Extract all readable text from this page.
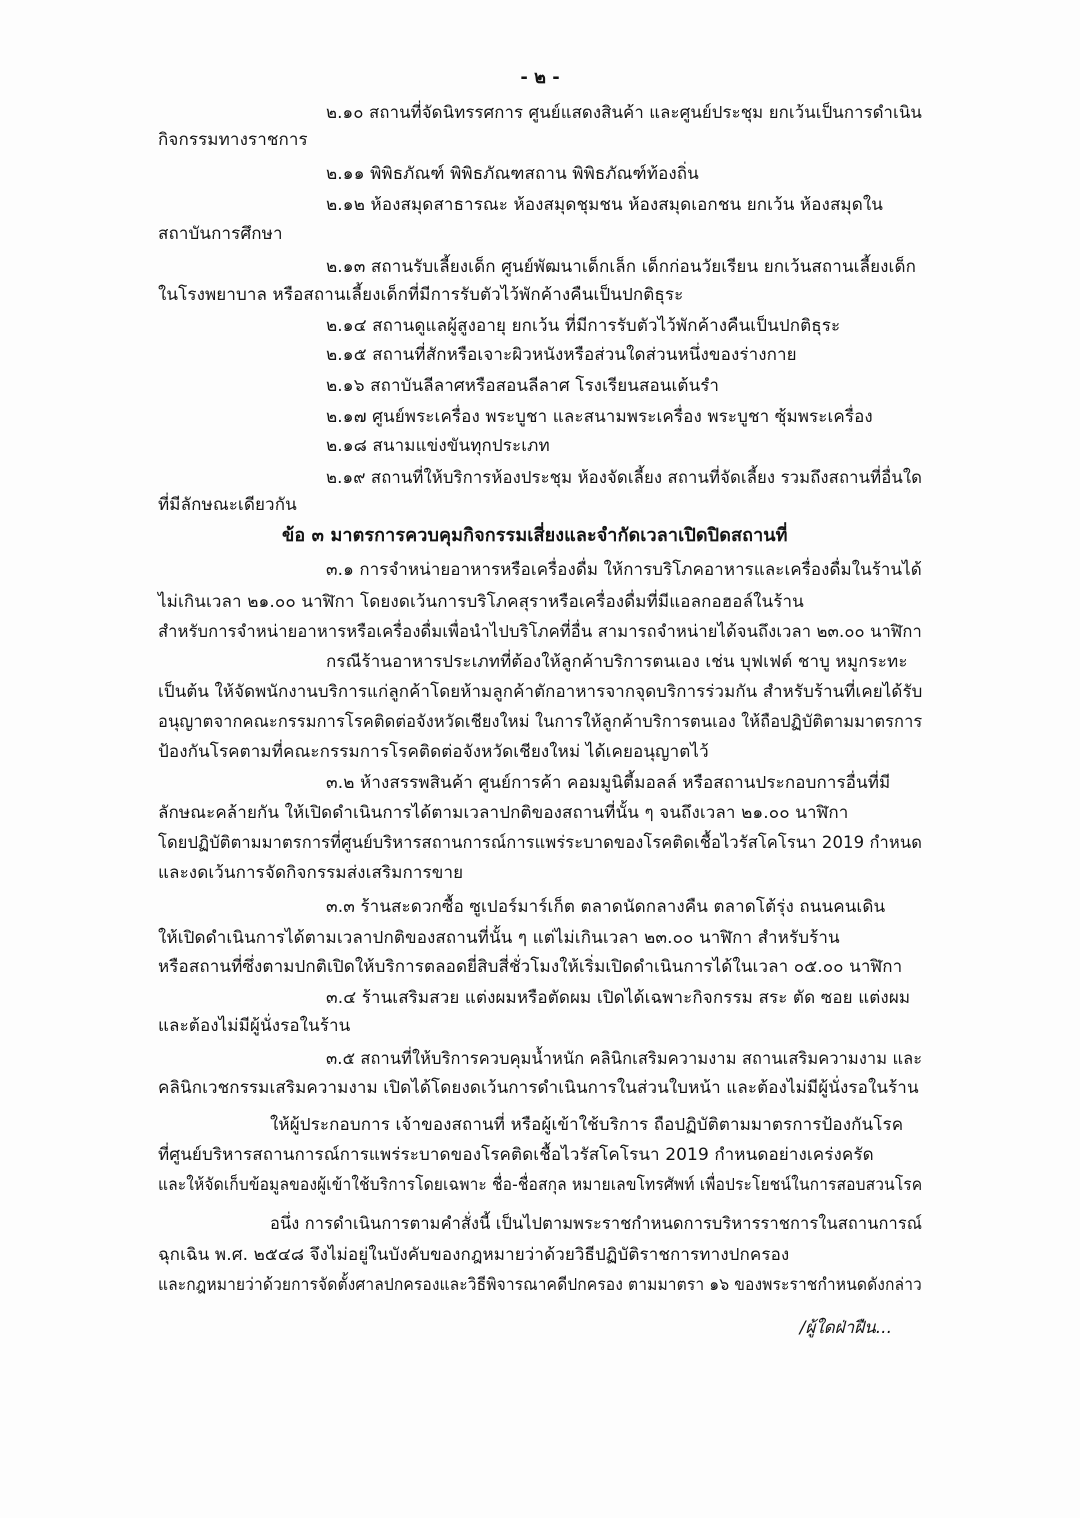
- ๒ -
๒.๑๐ สถานที่จัดนิทรรศการ ศูนย์แสดงสินค้า และศูนย์ประชุม ยกเว้นเป็นการดำเนิน
กิจกรรมทางราชการ
๒.๑๑ พิพิธภัณฑ์ พิพิธภัณฑสถาน พิพิธภัณฑ์ท้องถิ่น
๒.๑๒ ห้องสมุดสาธารณะ ห้องสมุดชุมชน ห้องสมุดเอกชน ยกเว้น ห้องสมุดใน
สถาบันการศึกษา
๒.๑๓ สถานรับเลี้ยงเด็ก ศูนย์พัฒนาเด็กเล็ก เด็กก่อนวัยเรียน ยกเว้นสถานเลี้ยงเด็ก
ในโรงพยาบาล หรือสถานเลี้ยงเด็กที่มีการรับตัวไว้พักค้างคืนเป็นปกติธุระ
๒.๑๔ สถานดูแลผู้สูงอายุ ยกเว้น ที่มีการรับตัวไว้พักค้างคืนเป็นปกติธุระ
๒.๑๕ สถานที่สักหรือเจาะผิวหนังหรือส่วนใดส่วนหนึ่งของร่างกาย
๒.๑๖ สถาบันลีลาศหรือสอนลีลาศ โรงเรียนสอนเต้นรำ
๒.๑๗ ศูนย์พระเครื่อง พระบูชา และสนามพระเครื่อง พระบูชา ซุ้มพระเครื่อง
๒.๑๘ สนามแข่งขันทุกประเภท
๒.๑๙ สถานที่ให้บริการห้องประชุม ห้องจัดเลี้ยง สถานที่จัดเลี้ยง รวมถึงสถานที่อื่นใด
ที่มีลักษณะเดียวกัน
ข้อ ๓ มาตรการควบคุมกิจกรรมเสี่ยงและจำกัดเวลาเปิดปิดสถานที่
๓.๑ การจำหน่ายอาหารหรือเครื่องดื่ม ให้การบริโภคอาหารและเครื่องดื่มในร้านได้
ไม่เกินเวลา ๒๑.๐๐ นาฬิกา โดยงดเว้นการบริโภคสุราหรือเครื่องดื่มที่มีแอลกอฮอล์ในร้าน
สำหรับการจำหน่ายอาหารหรือเครื่องดื่มเพื่อนำไปบริโภคที่อื่น สามารถจำหน่ายได้จนถึงเวลา ๒๓.๐๐ นาฬิกา
กรณีร้านอาหารประเภทที่ต้องให้ลูกค้าบริการตนเอง เช่น บุฟเฟต์ ชาบู หมูกระทะ
เป็นต้น ให้จัดพนักงานบริการแก่ลูกค้าโดยห้ามลูกค้าตักอาหารจากจุดบริการร่วมกัน สำหรับร้านที่เคยได้รับ
อนุญาตจากคณะกรรมการโรคติดต่อจังหวัดเชียงใหม่ ในการให้ลูกค้าบริการตนเอง ให้ถือปฏิบัติตามมาตรการ
ป้องกันโรคตามที่คณะกรรมการโรคติดต่อจังหวัดเชียงใหม่ ได้เคยอนุญาตไว้
๓.๒ ห้างสรรพสินค้า ศูนย์การค้า คอมมูนิตี้มอลล์ หรือสถานประกอบการอื่นที่มี
ลักษณะคล้ายกัน ให้เปิดดำเนินการได้ตามเวลาปกติของสถานที่นั้น ๆ จนถึงเวลา ๒๑.๐๐ นาฬิกา
โดยปฏิบัติตามมาตรการที่ศูนย์บริหารสถานการณ์การแพร่ระบาดของโรคติดเชื้อไวรัสโคโรนา 2019 กำหนด
และงดเว้นการจัดกิจกรรมส่งเสริมการขาย
๓.๓ ร้านสะดวกซื้อ ซูเปอร์มาร์เก็ต ตลาดนัดกลางคืน ตลาดโต้รุ่ง ถนนคนเดิน
ให้เปิดดำเนินการได้ตามเวลาปกติของสถานที่นั้น ๆ แต่ไม่เกินเวลา ๒๓.๐๐ นาฬิกา สำหรับร้าน
หรือสถานที่ซึ่งตามปกติเปิดให้บริการตลอดยี่สิบสี่ชั่วโมงให้เริ่มเปิดดำเนินการได้ในเวลา ๐๕.๐๐ นาฬิกา
๓.๔ ร้านเสริมสวย แต่งผมหรือตัดผม เปิดได้เฉพาะกิจกรรม สระ ตัด ซอย แต่งผม
และต้องไม่มีผู้นั่งรอในร้าน
๓.๕ สถานที่ให้บริการควบคุมน้ำหนัก คลินิกเสริมความงาม สถานเสริมความงาม และ
คลินิกเวชกรรมเสริมความงาม เปิดได้โดยงดเว้นการดำเนินการในส่วนใบหน้า และต้องไม่มีผู้นั่งรอในร้าน
ให้ผู้ประกอบการ เจ้าของสถานที่ หรือผู้เข้าใช้บริการ ถือปฏิบัติตามมาตรการป้องกันโรค
ที่ศูนย์บริหารสถานการณ์การแพร่ระบาดของโรคติดเชื้อไวรัสโคโรนา 2019 กำหนดอย่างเคร่งครัด
และให้จัดเก็บข้อมูลของผู้เข้าใช้บริการโดยเฉพาะ ชื่อ-ชื่อสกุล หมายเลขโทรศัพท์ เพื่อประโยชน์ในการสอบสวนโรค
อนึ่ง การดำเนินการตามคำสั่งนี้ เป็นไปตามพระราชกำหนดการบริหารราชการในสถานการณ์
ฉุกเฉิน พ.ศ. ๒๕๔๘ จึงไม่อยู่ในบังคับของกฎหมายว่าด้วยวิธีปฏิบัติราชการทางปกครอง
และกฎหมายว่าด้วยการจัดตั้งศาลปกครองและวิธีพิจารณาคดีปกครอง ตามมาตรา ๑๖ ของพระราชกำหนดดังกล่าว
/ผู้ใดฝ่าฝืน...
